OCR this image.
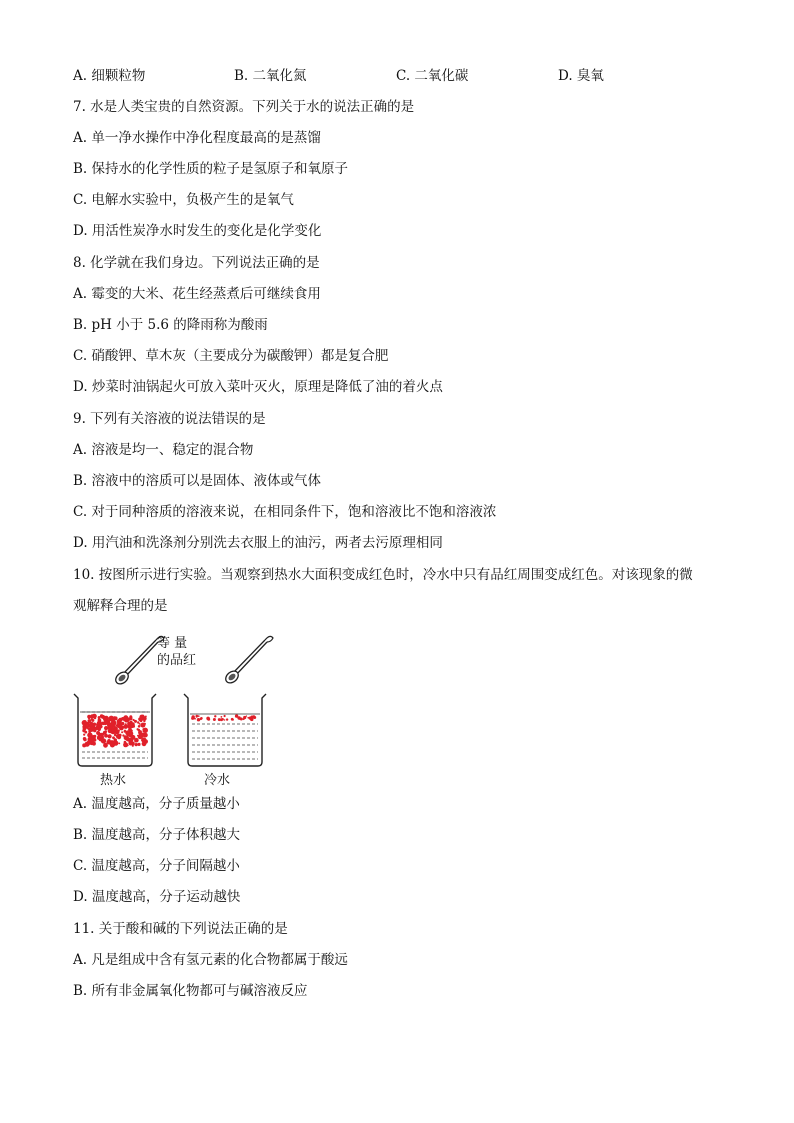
A. 细颗粒物	B. 二氧化氮	C. 二氧化碳	D. 臭氧
7. 水是人类宝贵的自然资源。下列关于水的说法正确的是
A. 单一净水操作中净化程度最高的是蒸馏
B. 保持水的化学性质的粒子是氢原子和氧原子
C. 电解水实验中，负极产生的是氧气
D. 用活性炭净水时发生的变化是化学变化
8. 化学就在我们身边。下列说法正确的是
A. 霉变的大米、花生经蒸煮后可继续食用
B. pH 小于 5.6 的降雨称为酸雨
C. 硝酸钾、草木灰（主要成分为碳酸钾）都是复合肥
D. 炒菜时油锅起火可放入菜叶灭火，原理是降低了油的着火点
9. 下列有关溶液的说法错误的是
A. 溶液是均一、稳定的混合物
B. 溶液中的溶质可以是固体、液体或气体
C. 对于同种溶质的溶液来说，在相同条件下，饱和溶液比不饱和溶液浓
D. 用汽油和洗涤剂分别洗去衣服上的油污，两者去污原理相同
10. 按图所示进行实验。当观察到热水大面积变成红色时，冷水中只有品红周围变成红色。对该现象的微
观解释合理的是
等 量
的品红
热水	冷水
A. 温度越高，分子质量越小
B. 温度越高，分子体积越大
C. 温度越高，分子间隔越小
D. 温度越高，分子运动越快
11. 关于酸和碱的下列说法正确的是
A. 凡是组成中含有氢元素的化合物都属于酸远
B. 所有非金属氧化物都可与碱溶液反应
